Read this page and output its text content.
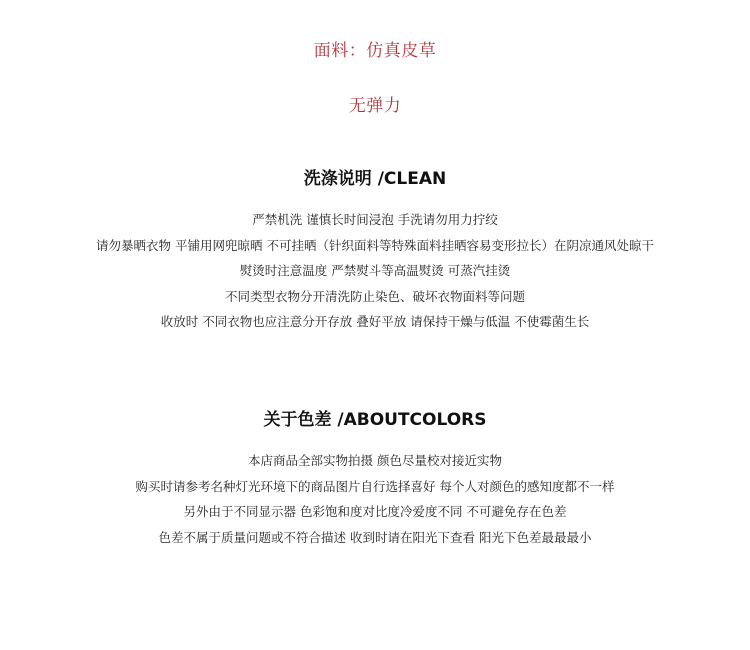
面料：仿真皮草
无弹力
洗涤说明 /CLEAN
严禁机洗 谨慎长时间浸泡 手洗请勿用力拧绞
请勿暴晒衣物 平铺用网兜晾晒 不可挂晒（针织面料等特殊面料挂晒容易变形拉长）在阴凉通风处晾干
熨烫时注意温度 严禁熨斗等高温熨烫 可蒸汽挂烫
不同类型衣物分开清洗防止染色、破坏衣物面料等问题
收放时 不同衣物也应注意分开存放 叠好平放 请保持干燥与低温 不使霉菌生长
关于色差 /ABOUTCOLORS
本店商品全部实物拍摄 颜色尽量校对接近实物
购买时请参考名种灯光环境下的商品图片自行选择喜好 每个人对颜色的感知度都不一样
另外由于不同显示器 色彩饱和度对比度冷爱度不同 不可避免存在色差
色差不属于质量问题或不符合描述 收到时请在阳光下查看 阳光下色差最最最小
